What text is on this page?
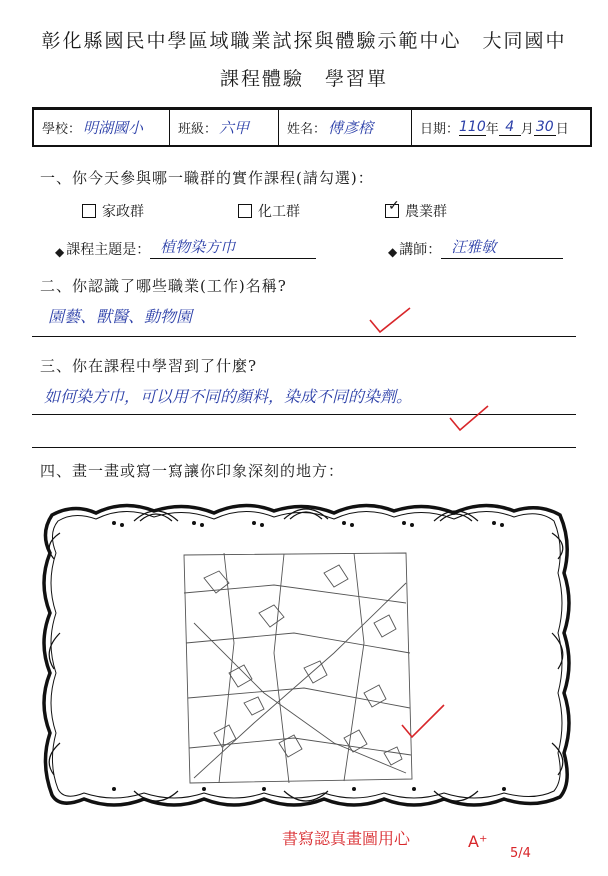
彰化縣國民中學區域職業試探與體驗示範中心　大同國中
課程體驗　學習單
學校： 明湖國小	班級： 六甲	姓名： 傅彥榕	日期： 110 年 4 月 30 日
一、你今天參與哪一職群的實作課程(請勾選)：
家政群	化工群	✓ 農業群
◆ 課程主題是： 植物染方巾	◆ 講師： 汪雅敏
二、你認識了哪些職業(工作)名稱?
園藝、獸醫、動物園
三、你在課程中學習到了什麼?
如何染方巾，可以用不同的顏料，染成不同的染劑。
四、畫一畫或寫一寫讓你印象深刻的地方：
書寫認真畫圖用心	A⁺
5/4
